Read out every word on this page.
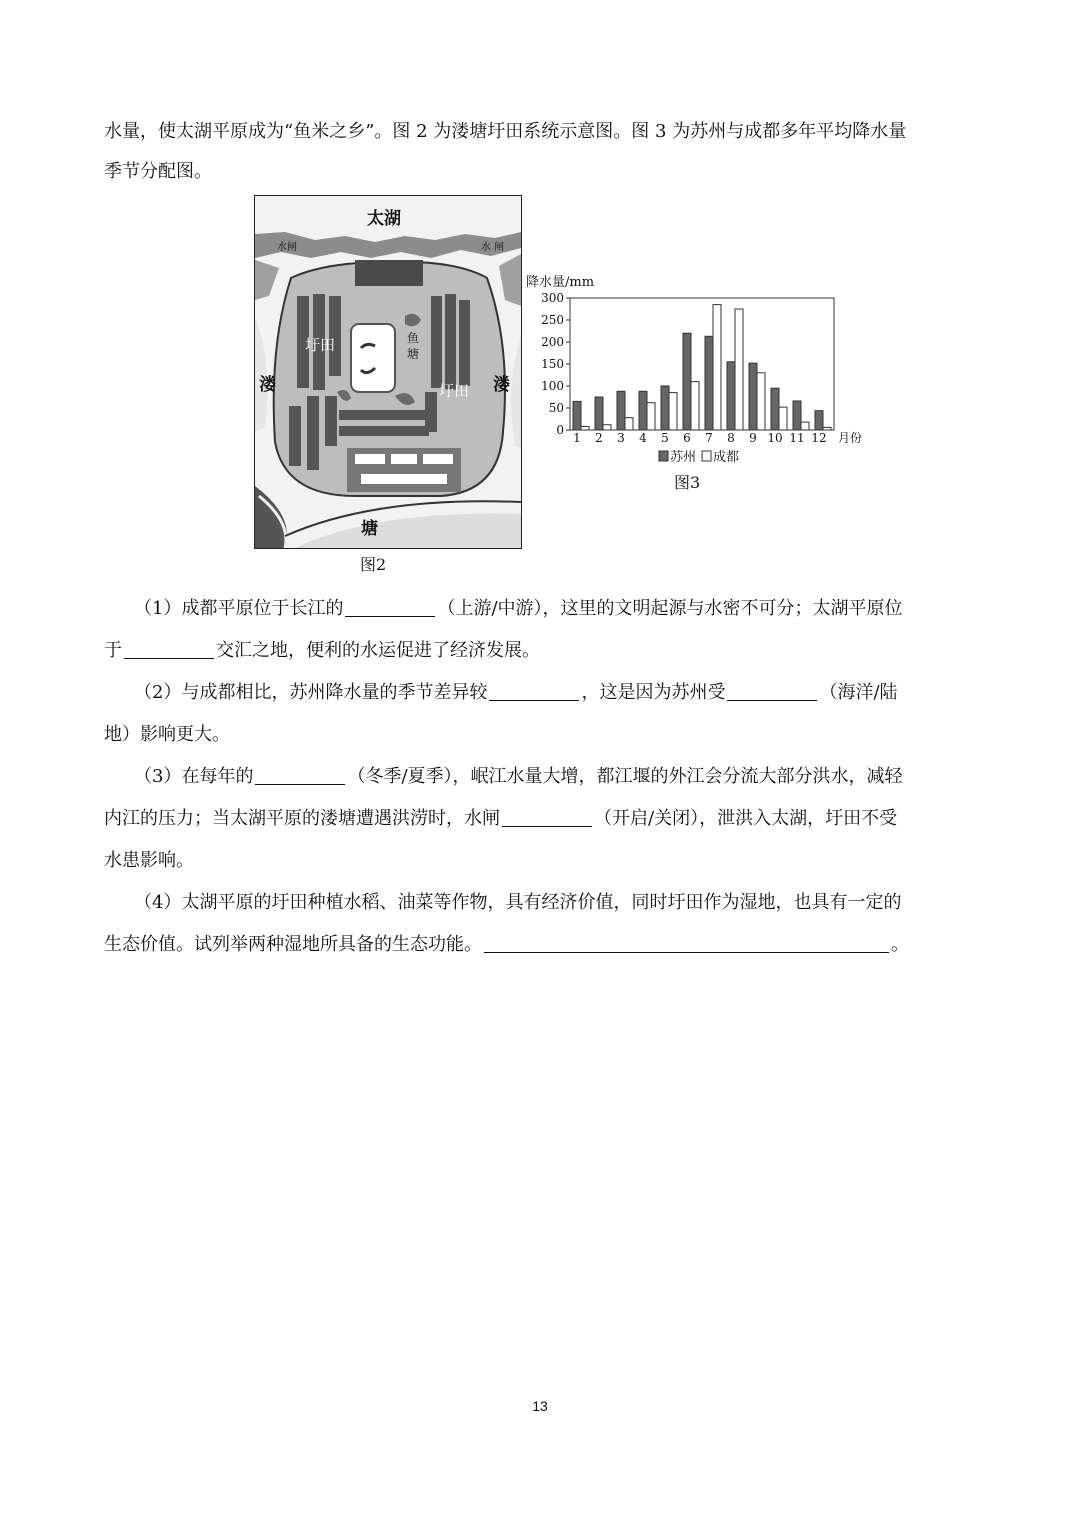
水量，使太湖平原成为“鱼米之乡”。图 2 为溇塘圩田系统示意图。图 3 为苏州与成都多年平均降水量

季节分配图。

太湖
水闸	水 闸
圩田
圩田
鱼
塘
溇	溇
塘
图2
降水量/mm
0
50
100
150
200
250
300
1 2 3 4 5 6 7 8 9 10 11 12 月份
苏州 成都
图3

（1）成都平原位于长江的	（上游/中游），这里的文明起源与水密不可分；太湖平原位

于	交汇之地，便利的水运促进了经济发展。

（2）与成都相比，苏州降水量的季节差异较	，这是因为苏州受	（海洋/陆

地）影响更大。

（3）在每年的	（冬季/夏季），岷江水量大增，都江堰的外江会分流大部分洪水，减轻

内江的压力；当太湖平原的溇塘遭遇洪涝时，水闸	（开启/关闭），泄洪入太湖，圩田不受

水患影响。

（4）太湖平原的圩田种植水稻、油菜等作物，具有经济价值，同时圩田作为湿地，也具有一定的

生态价值。试列举两种湿地所具备的生态功能。	。

13
